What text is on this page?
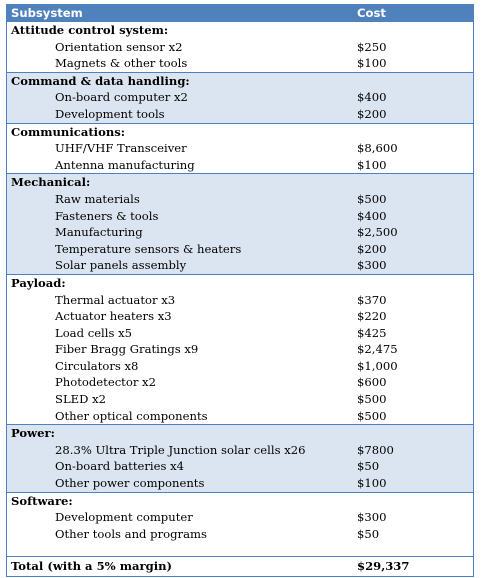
Subsystem	Cost
Attitude control system:
Orientation sensor x2	$250
Magnets & other tools	$100
Command & data handling:
On-board computer x2	$400
Development tools	$200
Communications:
UHF/VHF Transceiver	$8,600
Antenna manufacturing	$100
Mechanical:
Raw materials	$500
Fasteners & tools	$400
Manufacturing	$2,500
Temperature sensors & heaters	$200
Solar panels assembly	$300
Payload:
Thermal actuator x3	$370
Actuator heaters x3	$220
Load cells x5	$425
Fiber Bragg Gratings x9	$2,475
Circulators x8	$1,000
Photodetector x2	$600
SLED x2	$500
Other optical components	$500
Power:
28.3% Ultra Triple Junction solar cells x26	$7800
On-board batteries x4	$50
Other power components	$100
Software:
Development computer	$300
Other tools and programs	$50
Total (with a 5% margin)	$29,337
